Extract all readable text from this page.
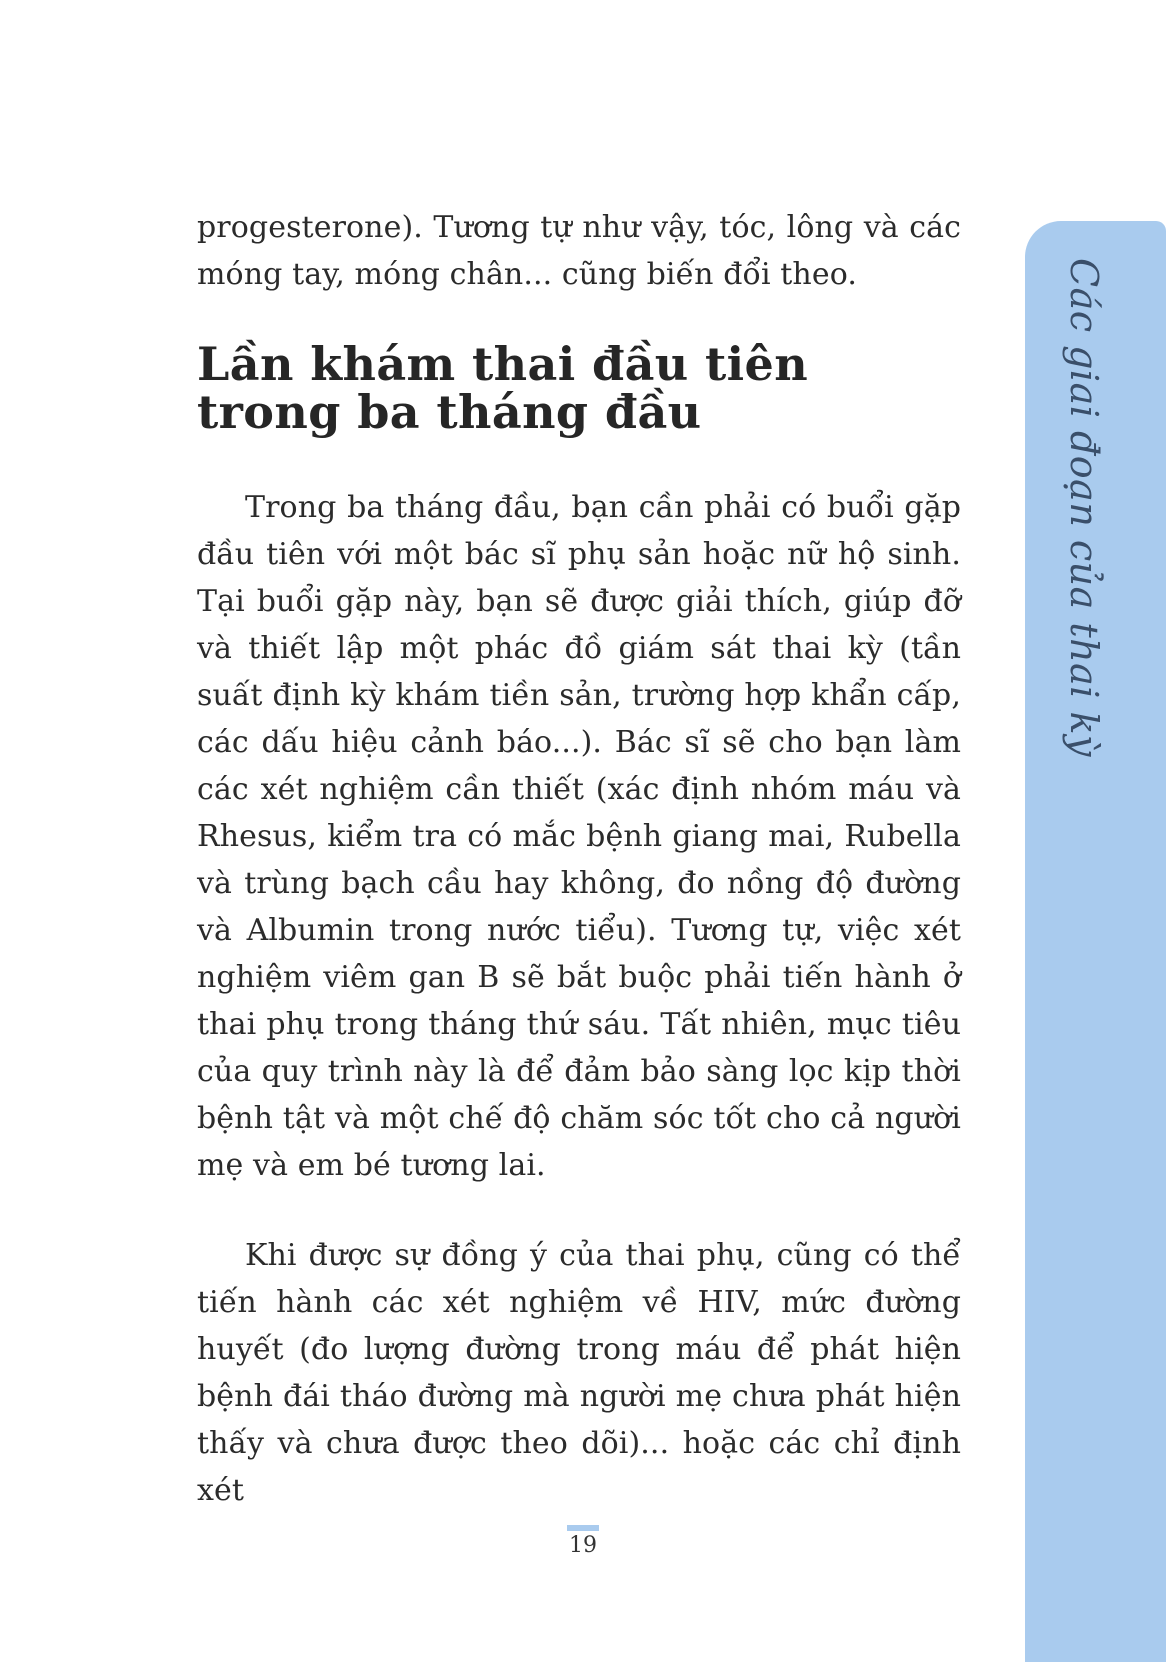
progesterone). Tương tự như vậy, tóc, lông và các móng tay, móng chân... cũng biến đổi theo.

Lần khám thai đầu tiên trong ba tháng đầu

Trong ba tháng đầu, bạn cần phải có buổi gặp đầu tiên với một bác sĩ phụ sản hoặc nữ hộ sinh. Tại buổi gặp này, bạn sẽ được giải thích, giúp đỡ và thiết lập một phác đồ giám sát thai kỳ (tần suất định kỳ khám tiền sản, trường hợp khẩn cấp, các dấu hiệu cảnh báo...). Bác sĩ sẽ cho bạn làm các xét nghiệm cần thiết (xác định nhóm máu và Rhesus, kiểm tra có mắc bệnh giang mai, Rubella và trùng bạch cầu hay không, đo nồng độ đường và Albumin trong nước tiểu). Tương tự, việc xét nghiệm viêm gan B sẽ bắt buộc phải tiến hành ở thai phụ trong tháng thứ sáu. Tất nhiên, mục tiêu của quy trình này là để đảm bảo sàng lọc kịp thời bệnh tật và một chế độ chăm sóc tốt cho cả người mẹ và em bé tương lai.

Khi được sự đồng ý của thai phụ, cũng có thể tiến hành các xét nghiệm về HIV, mức đường huyết (đo lượng đường trong máu để phát hiện bệnh đái tháo đường mà người mẹ chưa phát hiện thấy và chưa được theo dõi)... hoặc các chỉ định xét

Các giai đoạn của thai kỳ
19
